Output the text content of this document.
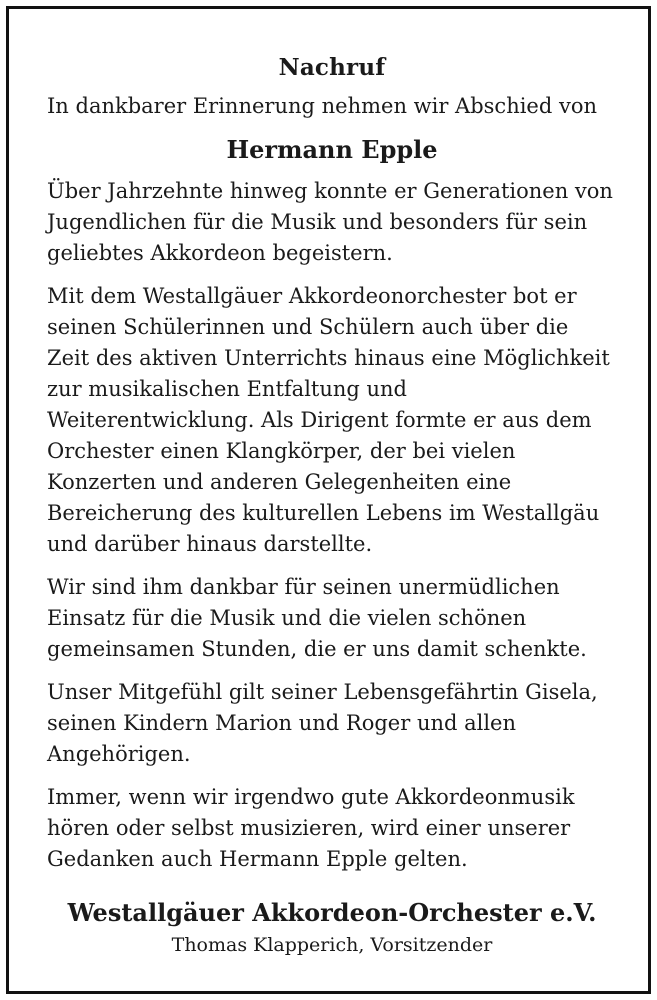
Nachruf
In dankbarer Erinnerung nehmen wir Abschied von
Hermann Epple
Über Jahrzehnte hinweg konnte er Generationen von Jugendlichen für die Musik und besonders für sein geliebtes Akkordeon begeistern.
Mit dem Westallgäuer Akkordeonorchester bot er seinen Schülerinnen und Schülern auch über die Zeit des aktiven Unterrichts hinaus eine Möglichkeit zur musikalischen Entfaltung und Weiterentwicklung. Als Dirigent formte er aus dem Orchester einen Klangkörper, der bei vielen Konzerten und anderen Gelegenheiten eine Bereicherung des kulturellen Lebens im Westallgäu und darüber hinaus darstellte.
Wir sind ihm dankbar für seinen unermüdlichen Einsatz für die Musik und die vielen schönen gemeinsamen Stunden, die er uns damit schenkte.
Unser Mitgefühl gilt seiner Lebensgefährtin Gisela, seinen Kindern Marion und Roger und allen Angehörigen.
Immer, wenn wir irgendwo gute Akkordeonmusik hören oder selbst musizieren, wird einer unserer Gedanken auch Hermann Epple gelten.
Westallgäuer Akkordeon-Orchester e.V.
Thomas Klapperich, Vorsitzender
